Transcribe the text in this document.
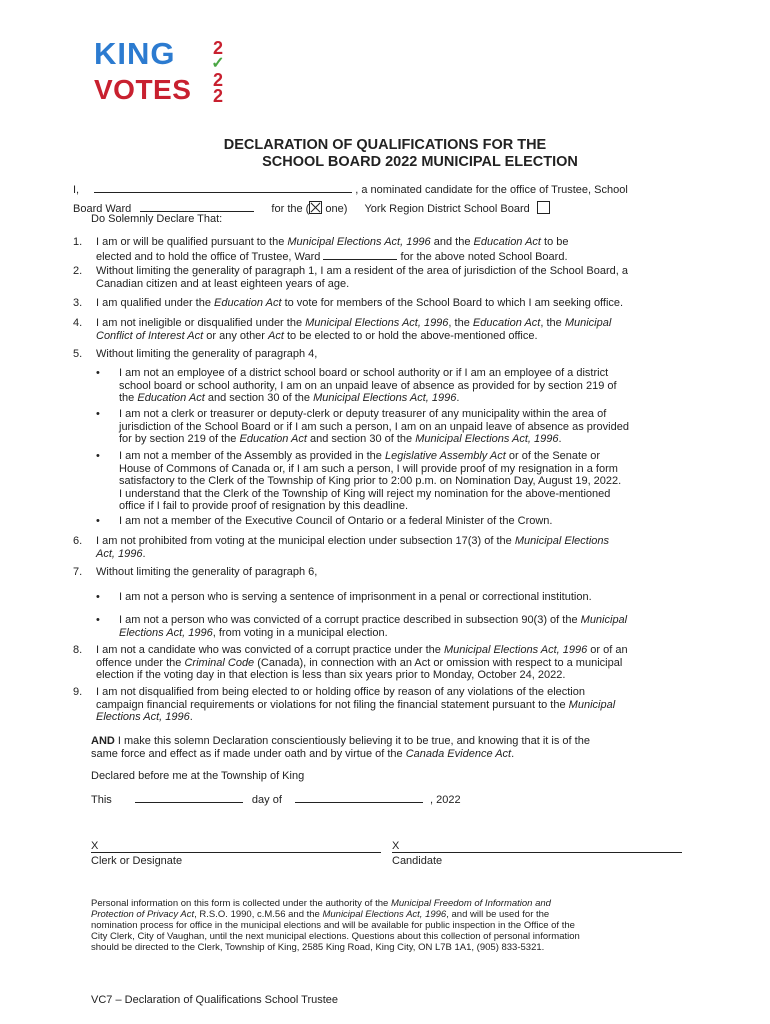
KING
VOTES
2
✓
2
2
DECLARATION OF QUALIFICATIONS FOR THE
SCHOOL BOARD 2022 MUNICIPAL ELECTION
I,	, a nominated candidate for the office of Trustee, School
Board Ward	for the ( one) York Region District School Board
Do Solemnly Declare That:
1. I am or will be qualified pursuant to the Municipal Elections Act, 1996 and the Education Act to be
elected and to hold the office of Trustee, Ward	for the above noted School Board.
2. Without limiting the generality of paragraph 1, I am a resident of the area of jurisdiction of the School Board, a
Canadian citizen and at least eighteen years of age.
3. I am qualified under the Education Act to vote for members of the School Board to which I am seeking office.
4. I am not ineligible or disqualified under the Municipal Elections Act, 1996, the Education Act, the Municipal
Conflict of Interest Act or any other Act to be elected to or hold the above-mentioned office.
5. Without limiting the generality of paragraph 4,
• I am not an employee of a district school board or school authority or if I am an employee of a district
school board or school authority, I am on an unpaid leave of absence as provided for by section 219 of
the Education Act and section 30 of the Municipal Elections Act, 1996.
• I am not a clerk or treasurer or deputy-clerk or deputy treasurer of any municipality within the area of
jurisdiction of the School Board or if I am such a person, I am on an unpaid leave of absence as provided
for by section 219 of the Education Act and section 30 of the Municipal Elections Act, 1996.
• I am not a member of the Assembly as provided in the Legislative Assembly Act or of the Senate or
House of Commons of Canada or, if I am such a person, I will provide proof of my resignation in a form
satisfactory to the Clerk of the Township of King prior to 2:00 p.m. on Nomination Day, August 19, 2022.
I understand that the Clerk of the Township of King will reject my nomination for the above-mentioned
office if I fail to provide proof of resignation by this deadline.
• I am not a member of the Executive Council of Ontario or a federal Minister of the Crown.
6. I am not prohibited from voting at the municipal election under subsection 17(3) of the Municipal Elections
Act, 1996.
7. Without limiting the generality of paragraph 6,
• I am not a person who is serving a sentence of imprisonment in a penal or correctional institution.
• I am not a person who was convicted of a corrupt practice described in subsection 90(3) of the Municipal
Elections Act, 1996, from voting in a municipal election.
8. I am not a candidate who was convicted of a corrupt practice under the Municipal Elections Act, 1996 or of an
offence under the Criminal Code (Canada), in connection with an Act or omission with respect to a municipal
election if the voting day in that election is less than six years prior to Monday, October 24, 2022.
9. I am not disqualified from being elected to or holding office by reason of any violations of the election
campaign financial requirements or violations for not filing the financial statement pursuant to the Municipal
Elections Act, 1996.
AND I make this solemn Declaration conscientiously believing it to be true, and knowing that it is of the
same force and effect as if made under oath and by virtue of the Canada Evidence Act.
Declared before me at the Township of King
This	day of	, 2022
X
Clerk or Designate
X
Candidate
Personal information on this form is collected under the authority of the Municipal Freedom of Information and
Protection of Privacy Act, R.S.O. 1990, c.M.56 and the Municipal Elections Act, 1996, and will be used for the
nomination process for office in the municipal elections and will be available for public inspection in the Office of the
City Clerk, City of Vaughan, until the next municipal elections. Questions about this collection of personal information
should be directed to the Clerk, Township of King, 2585 King Road, King City, ON L7B 1A1, (905) 833-5321.
VC7 – Declaration of Qualifications School Trustee
